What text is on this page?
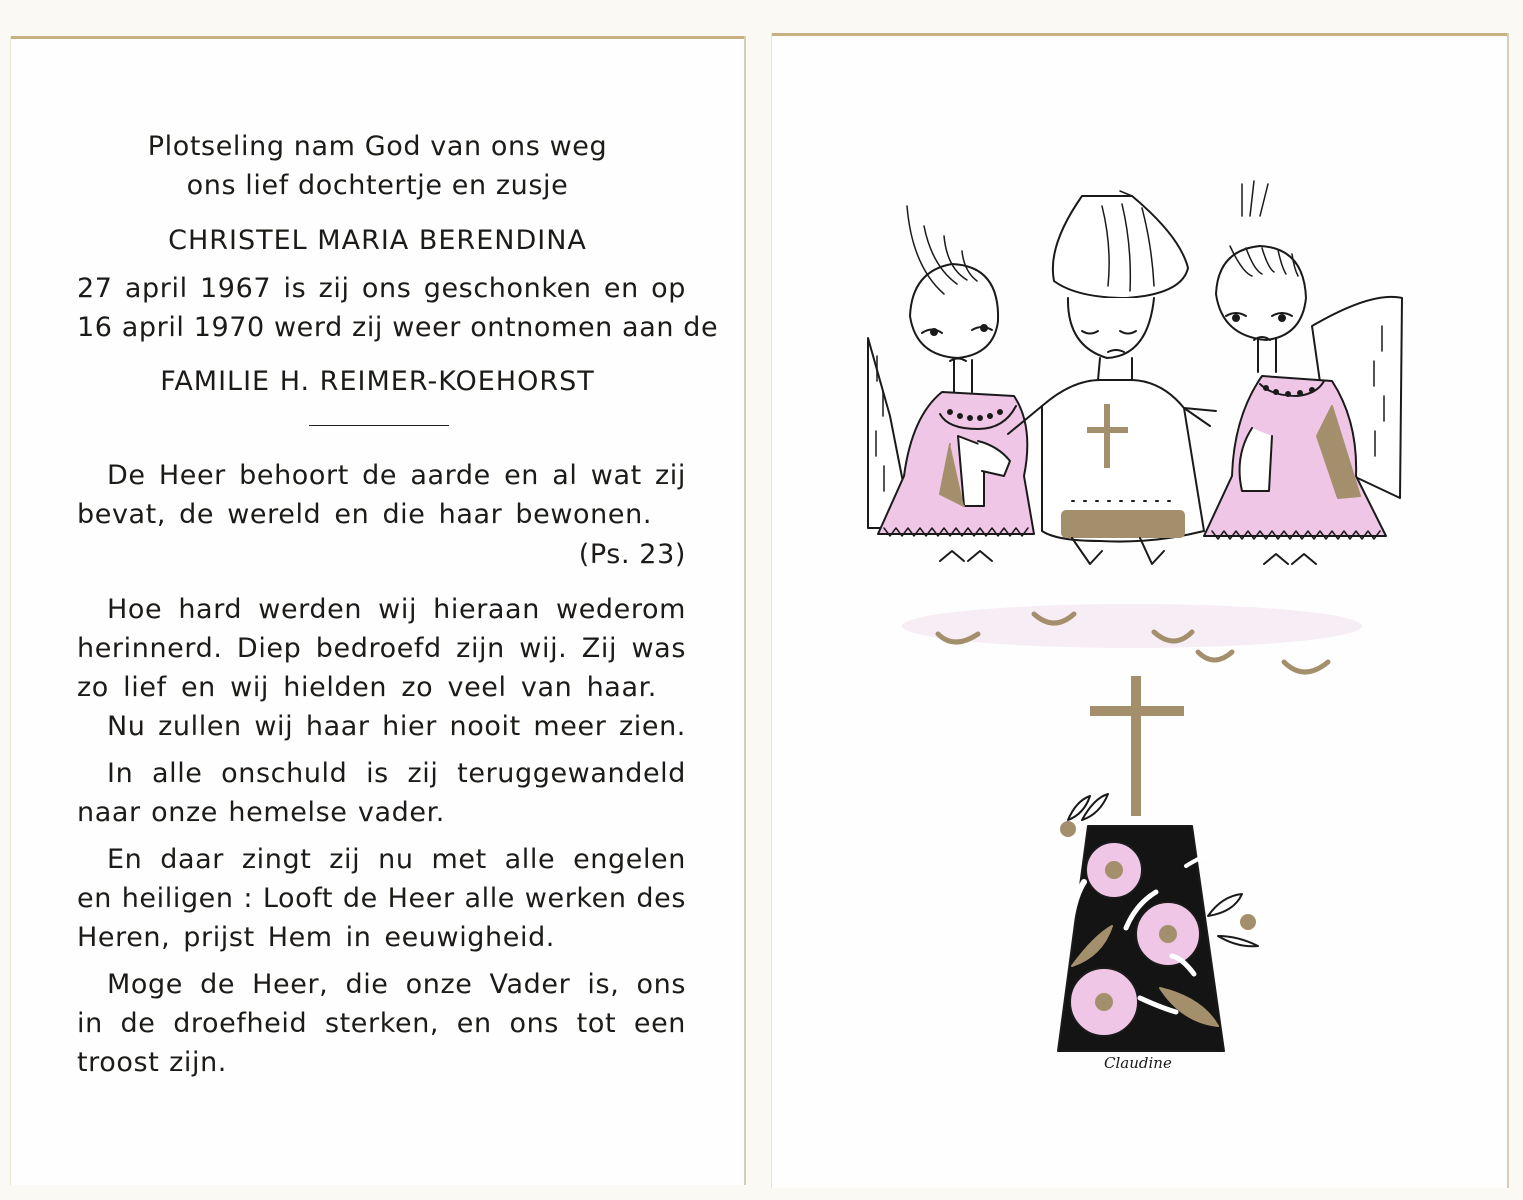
Plotseling nam God van ons weg
ons lief dochtertje en zusje
CHRISTEL MARIA BERENDINA
27 april 1967 is zij ons geschonken en op
16 april 1970 werd zij weer ontnomen aan de
FAMILIE H. REIMER-KOEHORST
De Heer behoort de aarde en al wat zij
bevat, de wereld en die haar bewonen.
(Ps. 23)
Hoe hard werden wij hieraan wederom
herinnerd. Diep bedroefd zijn wij. Zij was
zo lief en wij hielden zo veel van haar.
Nu zullen wij haar hier nooit meer zien.
In alle onschuld is zij teruggewandeld
naar onze hemelse vader.
En daar zingt zij nu met alle engelen
en heiligen : Looft de Heer alle werken des
Heren, prijst Hem in eeuwigheid.
Moge de Heer, die onze Vader is, ons
in de droefheid sterken, en ons tot een
troost zijn.	Claudine
